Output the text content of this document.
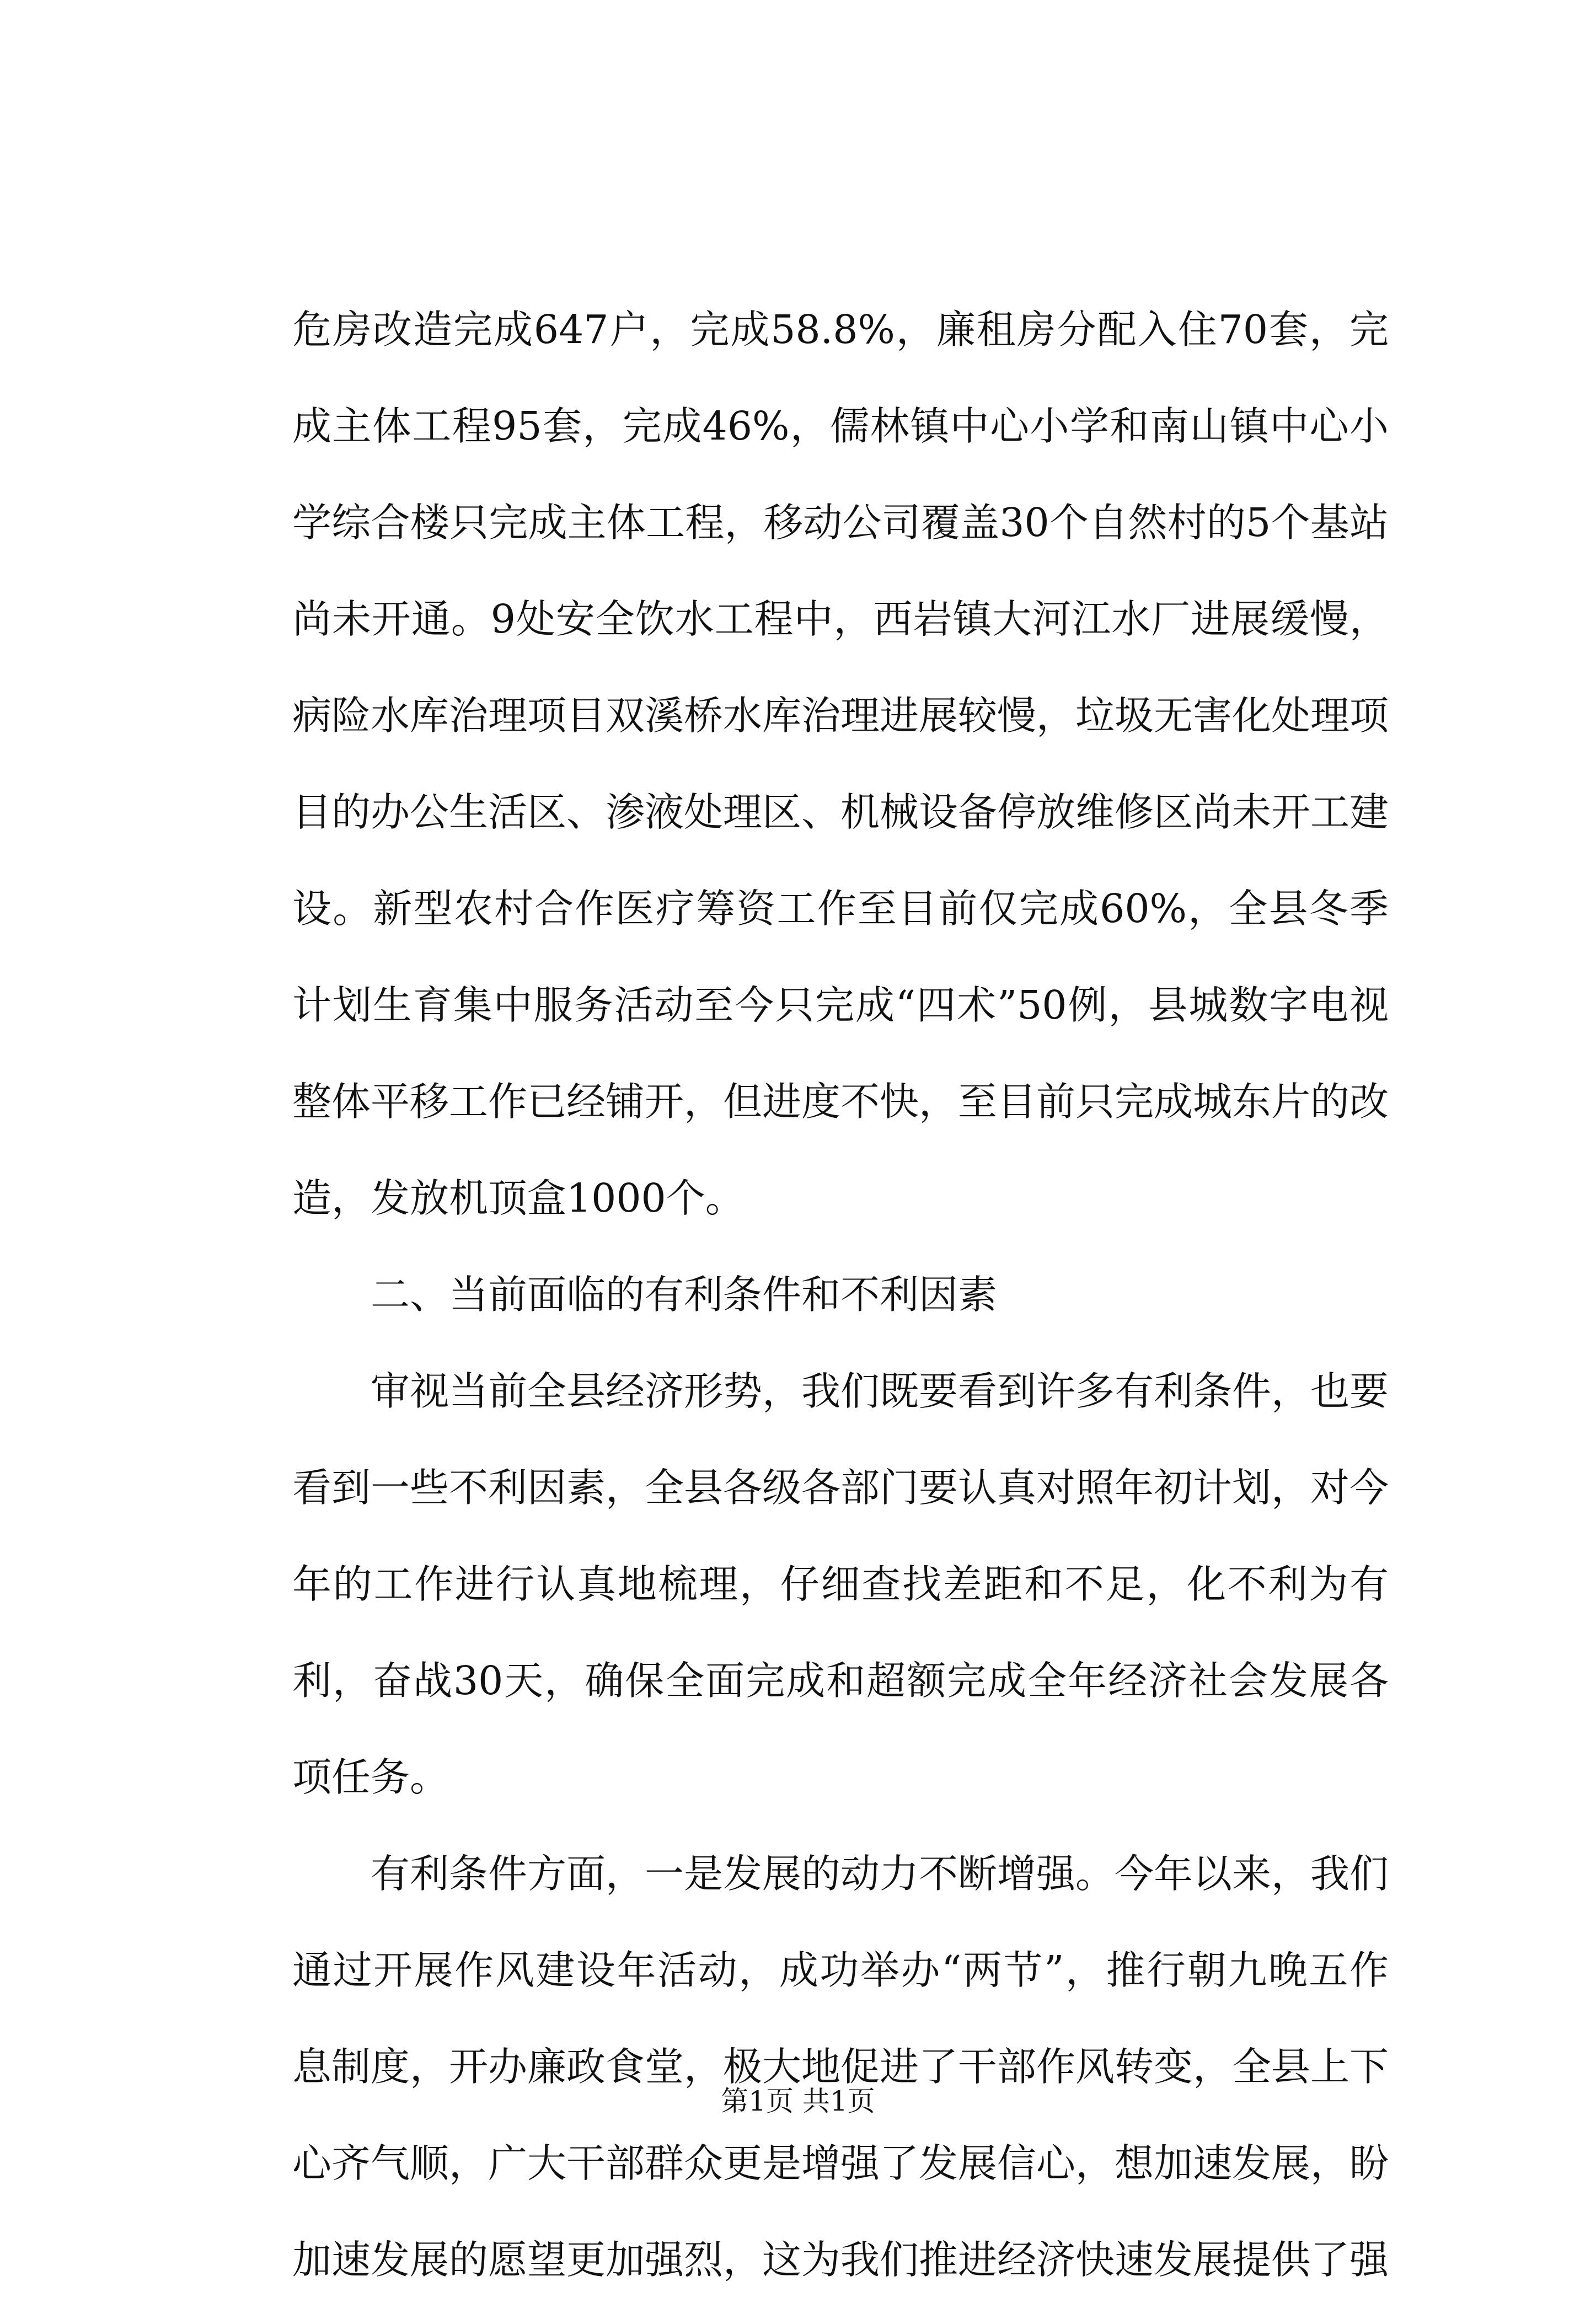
危房改造完成647户，完成58.8%，廉租房分配入住70套，完成主体工程95套，完成46%，儒林镇中心小学和南山镇中心小学综合楼只完成主体工程，移动公司覆盖30个自然村的5个基站尚未开通。9处安全饮水工程中，西岩镇大河江水厂进展缓慢，病险水库治理项目双溪桥水库治理进展较慢，垃圾无害化处理项目的办公生活区、渗液处理区、机械设备停放维修区尚未开工建设。新型农村合作医疗筹资工作至目前仅完成60%，全县冬季计划生育集中服务活动至今只完成“四术”50例，县城数字电视整体平移工作已经铺开，但进度不快，至目前只完成城东片的改造，发放机顶盒1000个。

二、当前面临的有利条件和不利因素

审视当前全县经济形势，我们既要看到许多有利条件，也要看到一些不利因素，全县各级各部门要认真对照年初计划，对今年的工作进行认真地梳理，仔细查找差距和不足，化不利为有利，奋战30天，确保全面完成和超额完成全年经济社会发展各项任务。

有利条件方面，一是发展的动力不断增强。今年以来，我们通过开展作风建设年活动，成功举办“两节”，推行朝九晚五作息制度，开办廉政食堂，极大地促进了干部作风转变，全县上下心齐气顺，广大干部群众更是增强了发展信心，想加速发展，盼加速发展的愿望更加强烈，这为我们推进经济快速发展提供了强

第1页 共1页
